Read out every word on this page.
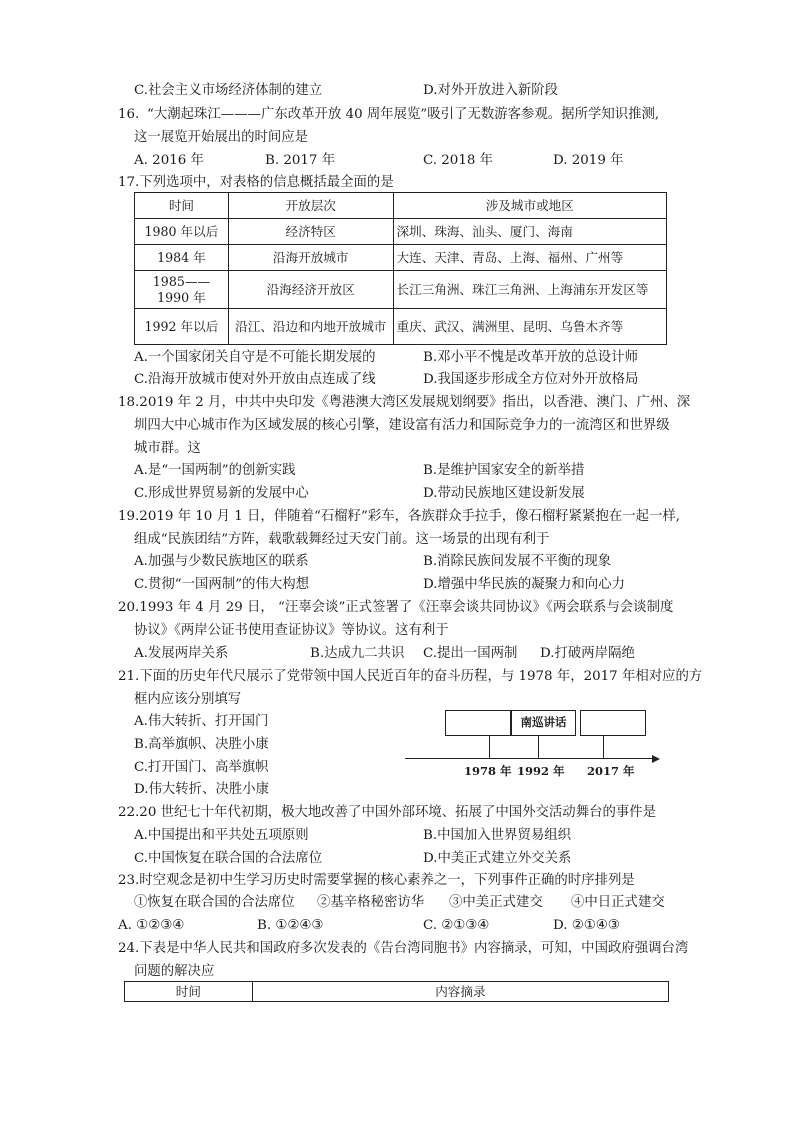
C.社会主义市场经济体制的建立	D.对外开放进入新阶段
16. “大潮起珠江———广东改革开放 40 周年展览”吸引了无数游客参观。据所学知识推测,
这一展览开始展出的时间应是
A. 2016 年	B. 2017 年	C. 2018 年	D. 2019 年
17.下列选项中，对表格的信息概括最全面的是
时间	开放层次	涉及城市或地区
1980 年以后	经济特区	深圳、珠海、汕头、厦门、海南
1984 年	沿海开放城市	大连、天津、青岛、上海、福州、广州等
1985——1990 年	沿海经济开放区	长江三角洲、珠江三角洲、上海浦东开发区等
1992 年以后	沿江、沿边和内地开放城市	重庆、武汉、满洲里、昆明、乌鲁木齐等
A.一个国家闭关自守是不可能长期发展的	B.邓小平不愧是改革开放的总设计师
C.沿海开放城市使对外开放由点连成了线	D.我国逐步形成全方位对外开放格局
18.2019 年 2 月，中共中央印发《粤港澳大湾区发展规划纲要》指出，以香港、澳门、广州、深
圳四大中心城市作为区域发展的核心引擎，建设富有活力和国际竞争力的一流湾区和世界级
城市群。这
A.是“一国两制”的创新实践	B.是维护国家安全的新举措
C.形成世界贸易新的发展中心	D.带动民族地区建设新发展
19.2019 年 10 月 1 日，伴随着“石榴籽”彩车，各族群众手拉手，像石榴籽紧紧抱在一起一样,
组成“民族团结”方阵，载歌载舞经过天安门前。这一场景的出现有利于
A.加强与少数民族地区的联系	B.消除民族间发展不平衡的现象
C.贯彻“一国两制”的伟大构想	D.增强中华民族的凝聚力和向心力
20.1993 年 4 月 29 日， “汪辜会谈”正式签署了《汪辜会谈共同协议》《两会联系与会谈制度
协议》《两岸公证书使用查证协议》等协议。这有利于
A.发展两岸关系	B.达成九二共识 C.提出一国两制 D.打破两岸隔绝
21.下面的历史年代尺展示了党带领中国人民近百年的奋斗历程，与 1978 年，2017 年相对应的方
框内应该分别填写
A.伟大转折、打开国门
B.高举旗帜、决胜小康
C.打开国门、高举旗帜
D.伟大转折、决胜小康
南巡讲话
1978 年 1992 年 2017 年
22.20 世纪七十年代初期，极大地改善了中国外部环境、拓展了中国外交活动舞台的事件是
A.中国提出和平共处五项原则	B.中国加入世界贸易组织
C.中国恢复在联合国的合法席位	D.中美正式建立外交关系
23.时空观念是初中生学习历史时需要掌握的核心素养之一，下列事件正确的时序排列是
①恢复在联合国的合法席位 ②基辛格秘密访华 ③中美正式建交 ④中日正式建交
A. ①②③④	B. ①②④③	C. ②①③④	D. ②①④③
24.下表是中华人民共和国政府多次发表的《告台湾同胞书》内容摘录，可知，中国政府强调台湾
问题的解决应
时间	内容摘录
